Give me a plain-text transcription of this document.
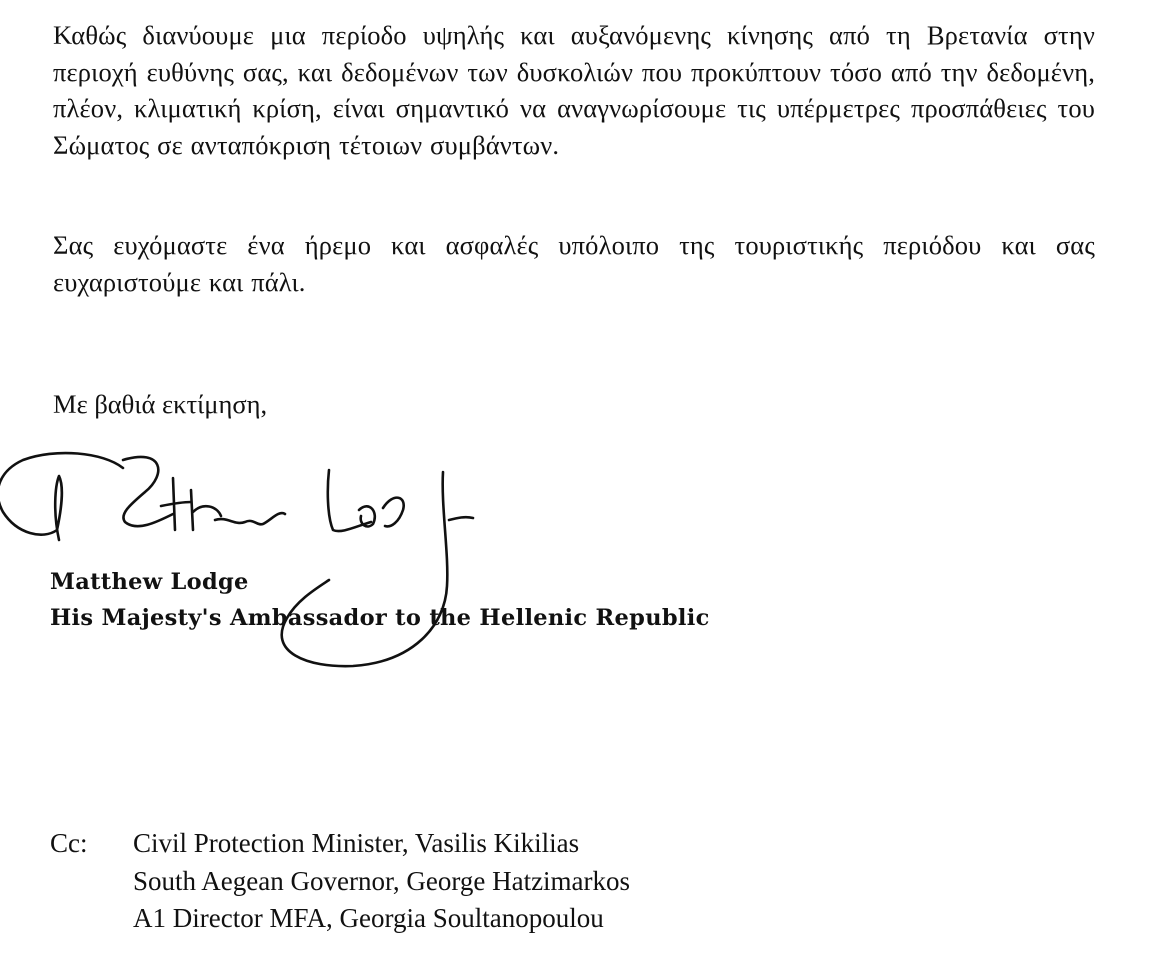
Καθώς διανύουμε μια περίοδο υψηλής και αυξανόμενης κίνησης από τη Βρετανία στην περιοχή ευθύνης σας, και δεδομένων των δυσκολιών που προκύπτουν τόσο από την δεδομένη, πλέον, κλιματική κρίση, είναι σημαντικό να αναγνωρίσουμε τις υπέρμετρες προσπάθειες του Σώματος σε ανταπόκριση τέτοιων συμβάντων.

Σας ευχόμαστε ένα ήρεμο και ασφαλές υπόλοιπο της τουριστικής περιόδου και σας ευχαριστούμε και πάλι.

Με βαθιά εκτίμηση,

Matthew Lodge
His Majesty's Ambassador to the Hellenic Republic
Cc:	Civil Protection Minister, Vasilis Kikilias
South Aegean Governor, George Hatzimarkos
A1 Director MFA, Georgia Soultanopoulou
